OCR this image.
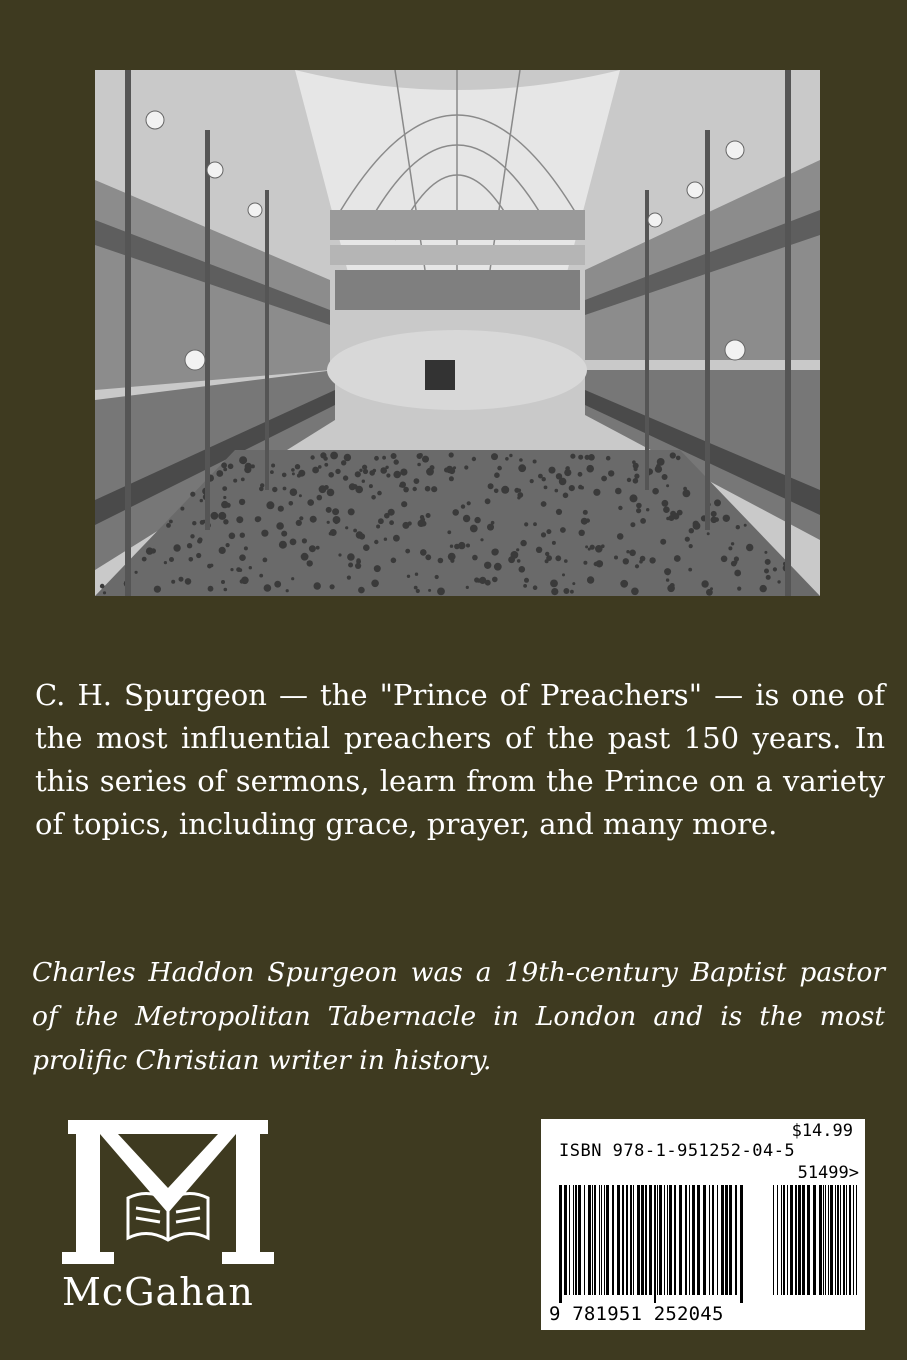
C. H. Spurgeon — the "Prince of Preachers" — is one of the most influential preachers of the past 150 years. In this series of sermons, learn from the Prince on a variety of topics, including grace, prayer, and many more.

Charles Haddon Spurgeon was a 19th-century Baptist pastor of the Metropolitan Tabernacle in London and is the most prolific Christian writer in history.

McGahan
$14.99
ISBN 978-1-951252-04-5
51499>
9 781951 252045
